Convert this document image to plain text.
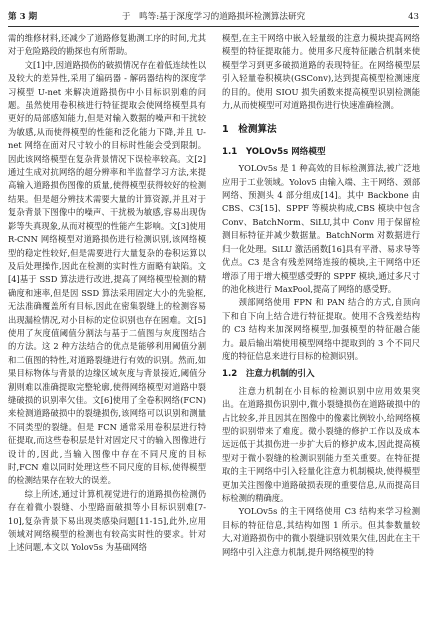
第 3 期	于　鸣等:基于深度学习的道路损坏检测算法研究	43

需的维修材料,还减少了道路修复勘测工序的时间,尤其对于危险路段的勘探也有所帮助。

文[1]中,因道路损伤的破损情况存在着低连续性以及较大的差异性,采用了编码器 - 解码器结构的深度学习模型 U-net 来解决道路损伤中小目标识别难的问题。虽然使用卷积核进行特征提取会使网络模型具有更好的局部感知能力,但是对输入数据的噪声和干扰较为敏感,从而使得模型的性能和泛化能力下降,并且 U-net 网络在面对尺寸较小的目标时性能会受到限制。因此该网络模型在复杂背景情况下误检率较高。文[2]通过生成对抗网络的超分辨率和半监督学习方法,来提高输入道路损伤图像的质量,使得模型获得较好的检测结果。但是超分辨技术需要大量的计算资源,并且对于复杂背景下图像中的噪声、干扰极为敏感,容易出现伪影等失真现象,从而对模型的性能产生影响。文[3]使用 R-CNN 网络模型对道路损伤进行检测识别,该网络模型的稳定性较好,但是需要进行大量复杂的卷积运算以及后处理操作,因此在检测的实时性方面略有缺陷。文[4]基于 SSD 算法进行改进,提高了网络模型检测的精确度和速率,但是因 SSD 算法采用固定大小的先验框,无法准确覆盖所有目标,因此在密集裂缝上的检测容易出现漏检情况,对小目标的定位识别也存在困难。文[5]使用了灰度值阈值分割法与基于二值图与灰度图结合的方法。这 2 种方法结合的优点是能够利用阈值分割和二值图的特性,对道路裂缝进行有效的识别。然而,如果目标物体与背景的边缘区域灰度与背景接近,阈值分割则难以准确提取完整轮廓,使得网络模型对道路中裂缝破损的识别率欠佳。文[6]使用了全卷积网络(FCN)来检测道路破损中的裂缝损伤,该网络可以识别和测量不同类型的裂缝。但是 FCN 通常采用卷积层进行特征提取,而这些卷积层是针对固定尺寸的输入图像进行设计的,因此,当输入图像中存在不同尺度的目标时,FCN 难以同时处理这些不同尺度的目标,使得模型的检测结果存在较大的误差。

综上所述,通过计算机视觉进行的道路损伤检测仍存在着微小裂缝、小型路面破损等小目标识别难[7-10],复杂背景下易出现类感染问题[11-15],此外,应用领域对网络模型的检测也有较高实时性的要求。针对上述问题,本文以 Yolov5s 为基础网络

模型,在主干网络中嵌入轻量级的注意力模块提高网络模型的特征提取能力。使用多尺度特征融合机制来使模型学习到更多破损道路的表现特征。在网络模型层引入轻量卷积模块(GSConv),达到提高模型检测速度的目的。使用 SIOU 损失函数来提高模型识别检测能力,从而使模型可对道路损伤进行快速准确检测。

1　检测算法
1.1　YOLOv5s 网络模型

YOLOv5s 是 1 种高效的目标检测算法,被广泛地应用于工业领域。Yolov5 由输入端、主干网络、颈部网络、预测头 4 部分组成[14]。其中 Backbone 由 CBS、C3[15]、SPPF 等模块构成,CBS 模块中包含 Conv、BatchNorm、SiLU,其中 Conv 用于保留检测目标特征并减少数据量。BatchNorm 对数据进行归一化处理。SiLU 激活函数[16]具有平滑、易求导等优点。C3 是含有残差网络连接的模块,主干网络中还增添了用于增大模型感受野的 SPPF 模块,通过多尺寸的池化核进行 MaxPool,提高了网络的感受野。

颈部网络使用 FPN 和 PAN 结合的方式,自顶向下和自下向上结合进行特征提取。使用不含残差结构的 C3 结构来加深网络模型,加强模型的特征融合能力。最后输出端使用模型网络中提取到的 3 个不同尺度的特征信息来进行目标的检测识别。

1.2　注意力机制的引入

注意力机制在小目标的检测识别中应用效果突出。在道路损伤识别中,微小裂缝损伤在道路破损中的占比较多,并且因其在图像中的像素比例较小,给网络模型的识别带来了难度。微小裂缝的修护工作以及成本远远低于其损伤进一步扩大后的修护成本,因此提高模型对于微小裂缝的检测识别能力至关重要。在特征提取的主干网络中引入轻量化注意力机制模块,使得模型更加关注图像中道路破损表现的重要信息,从而提高目标检测的精确度。

YOLOv5s 的主干网络使用 C3 结构来学习检测目标的特征信息,其结构如图 1 所示。但其参数量较大,对道路损伤中的微小裂缝识别效果欠佳,因此在主干网络中引入注意力机制,提升网络模型的特
